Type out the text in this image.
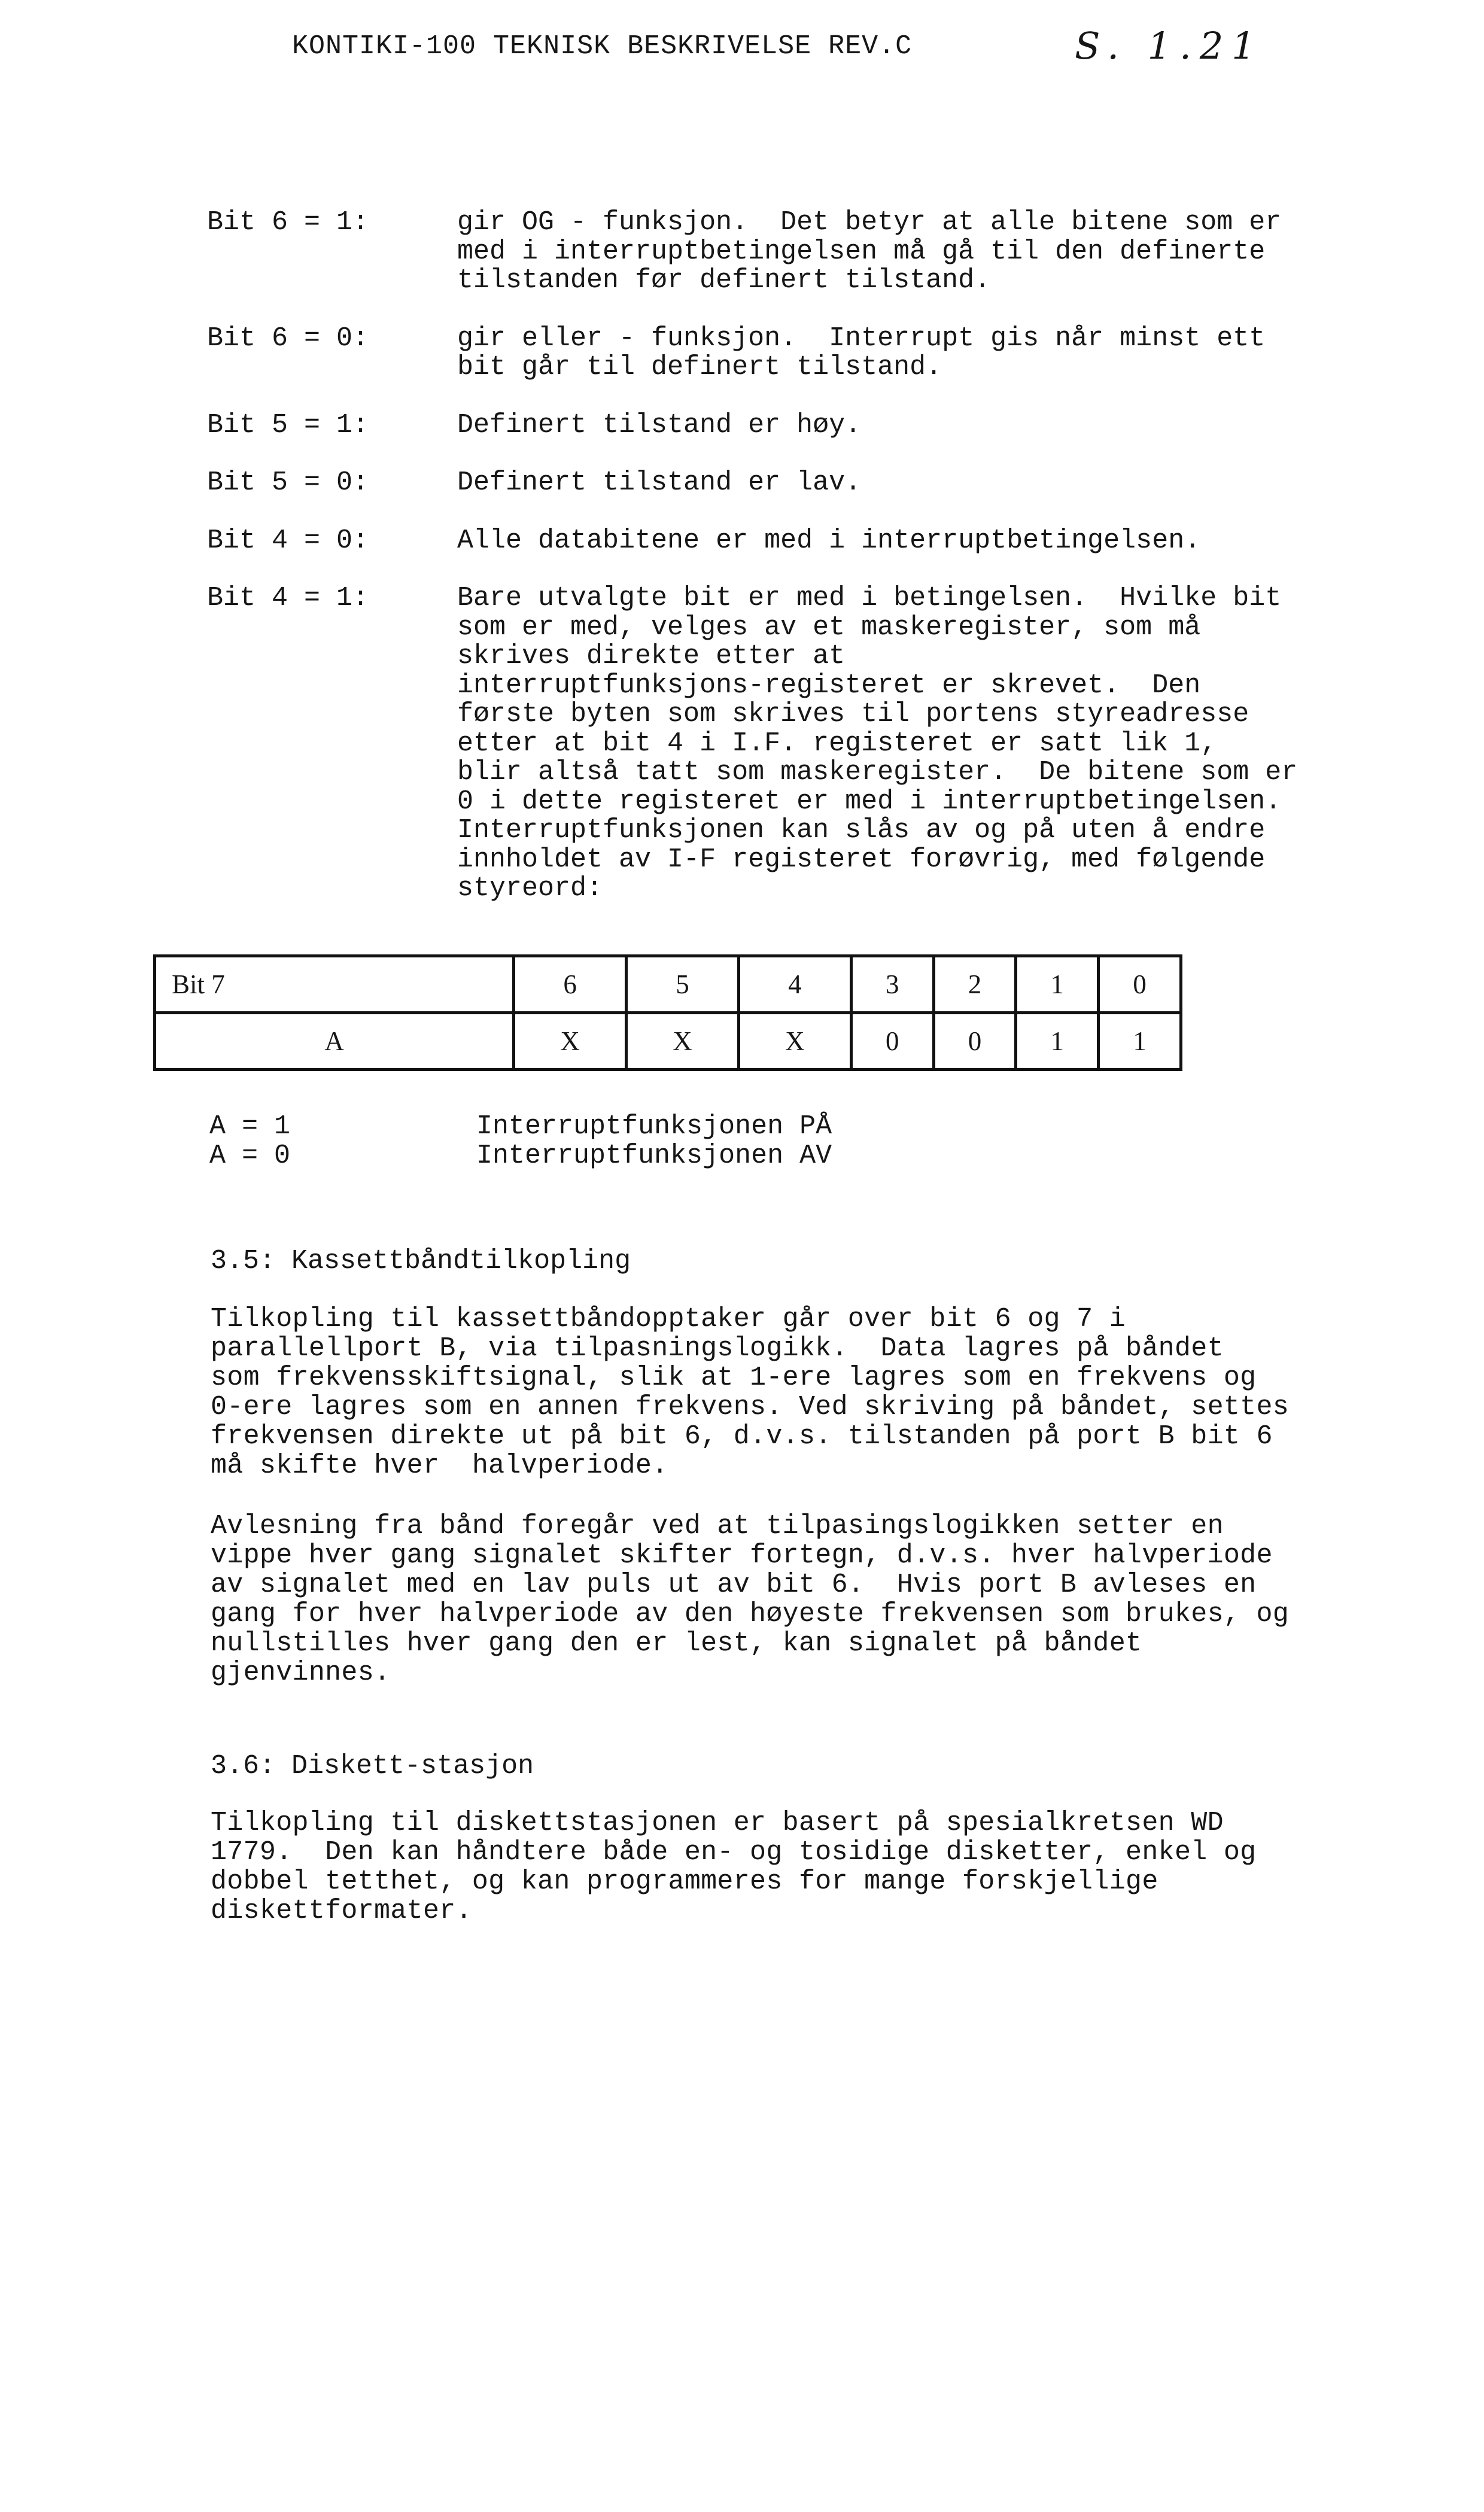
KONTIKI-100 TEKNISK BESKRIVELSE REV.C	S. 1.21
Bit 6 = 1:	gir OG - funksjon.  Det betyr at alle bitene som er
med i interruptbetingelsen må gå til den definerte
tilstanden før definert tilstand.
Bit 6 = 0:	gir eller - funksjon.  Interrupt gis når minst ett
bit går til definert tilstand.
Bit 5 = 1:	Definert tilstand er høy.
Bit 5 = 0:	Definert tilstand er lav.
Bit 4 = 0:	Alle databitene er med i interruptbetingelsen.
Bit 4 = 1:	Bare utvalgte bit er med i betingelsen.  Hvilke bit
som er med, velges av et maskeregister, som må
skrives direkte etter at
interruptfunksjons-registeret er skrevet.  Den
første byten som skrives til portens styreadresse
etter at bit 4 i I.F. registeret er satt lik 1,
blir altså tatt som maskeregister.  De bitene som er
0 i dette registeret er med i interruptbetingelsen.
Interruptfunksjonen kan slås av og på uten å endre
innholdet av I-F registeret forøvrig, med følgende
styreord:
Bit 7	6	5	4	3	2	1	0
A	X	X	X	0	0	1	1
A = 1	Interruptfunksjonen PÅ
A = 0	Interruptfunksjonen AV
3.5: Kassettbåndtilkopling
Tilkopling til kassettbåndopptaker går over bit 6 og 7 i
parallellport B, via tilpasningslogikk.  Data lagres på båndet
som frekvensskiftsignal, slik at 1-ere lagres som en frekvens og
0-ere lagres som en annen frekvens. Ved skriving på båndet, settes
frekvensen direkte ut på bit 6, d.v.s. tilstanden på port B bit 6
må skifte hver  halvperiode.
Avlesning fra bånd foregår ved at tilpasingslogikken setter en
vippe hver gang signalet skifter fortegn, d.v.s. hver halvperiode
av signalet med en lav puls ut av bit 6.  Hvis port B avleses en
gang for hver halvperiode av den høyeste frekvensen som brukes, og
nullstilles hver gang den er lest, kan signalet på båndet
gjenvinnes.
3.6: Diskett-stasjon
Tilkopling til diskettstasjonen er basert på spesialkretsen WD
1779.  Den kan håndtere både en- og tosidige disketter, enkel og
dobbel tetthet, og kan programmeres for mange forskjellige
diskettformater.
